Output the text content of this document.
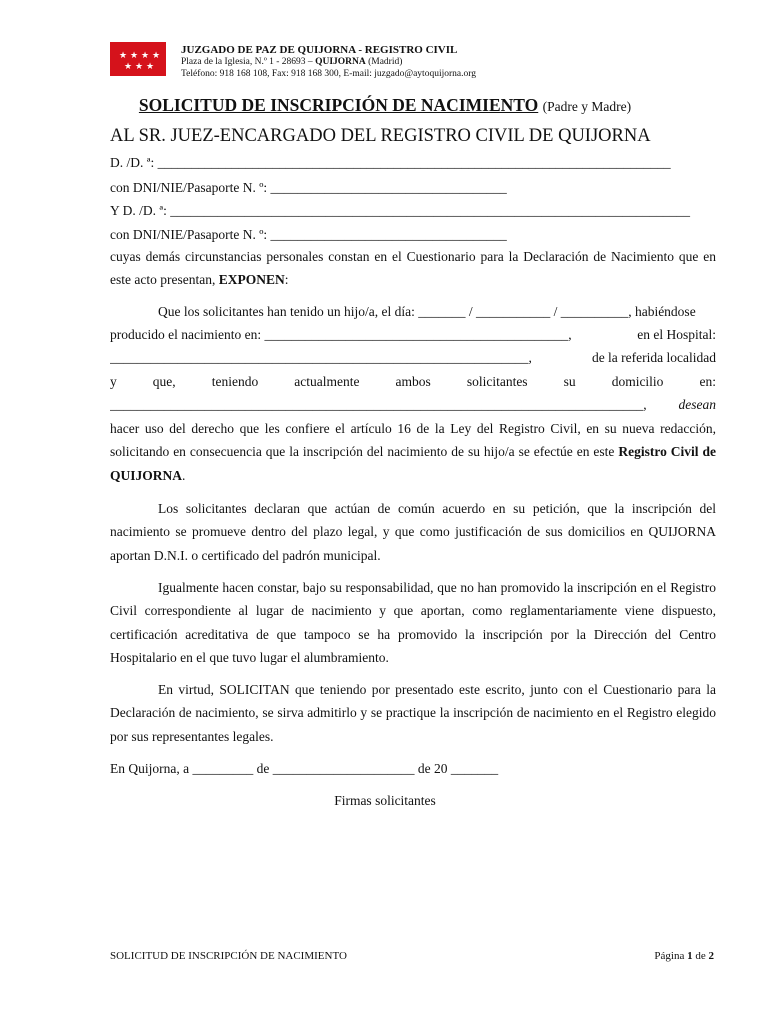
★ ★ ★ ★
★ ★ ★
JUZGADO DE PAZ DE QUIJORNA - REGISTRO CIVIL
Plaza de la Iglesia, N.º 1 - 28693 – QUIJORNA (Madrid)
Teléfono: 918 168 108, Fax: 918 168 300, E-mail: juzgado@aytoquijorna.org
SOLICITUD DE INSCRIPCIÓN DE NACIMIENTO (Padre y Madre)
AL SR. JUEZ-ENCARGADO DEL REGISTRO CIVIL DE QUIJORNA
D. /D. ª: ____________________________________________________________________________
con DNI/NIE/Pasaporte N. º: ___________________________________
Y D. /D. ª: _____________________________________________________________________________
con DNI/NIE/Pasaporte N. º: ___________________________________
cuyas demás circunstancias personales constan en el Cuestionario para la Declaración de Nacimiento que en este acto presentan, EXPONEN:
Que los solicitantes han tenido un hijo/a, el día: _______ / ___________ / __________, habiéndose
producido el nacimiento en: _____________________________________________,	en el Hospital:
______________________________________________________________,	de la referida localidad
y	que,	teniendo	actualmente	ambos	solicitantes	su	domicilio	en:
_______________________________________________________________________________, desean
hacer uso del derecho que les confiere el artículo 16 de la Ley del Registro Civil, en su nueva redacción, solicitando en consecuencia que la inscripción del nacimiento de su hijo/a se efectúe en este Registro Civil de QUIJORNA.
Los solicitantes declaran que actúan de común acuerdo en su petición, que la inscripción del nacimiento se promueve dentro del plazo legal, y que como justificación de sus domicilios en QUIJORNA aportan D.N.I. o certificado del padrón municipal.
Igualmente hacen constar, bajo su responsabilidad, que no han promovido la inscripción en el Registro Civil correspondiente al lugar de nacimiento y que aportan, como reglamentariamente viene dispuesto, certificación acreditativa de que tampoco se ha promovido la inscripción por la Dirección del Centro Hospitalario en el que tuvo lugar el alumbramiento.
En virtud, SOLICITAN que teniendo por presentado este escrito, junto con el Cuestionario para la Declaración de nacimiento, se sirva admitirlo y se practique la inscripción de nacimiento en el Registro elegido por sus representantes legales.
En Quijorna, a _________ de _____________________ de 20 _______
Firmas solicitantes
SOLICITUD DE INSCRIPCIÓN DE NACIMIENTO	Página 1 de 2
